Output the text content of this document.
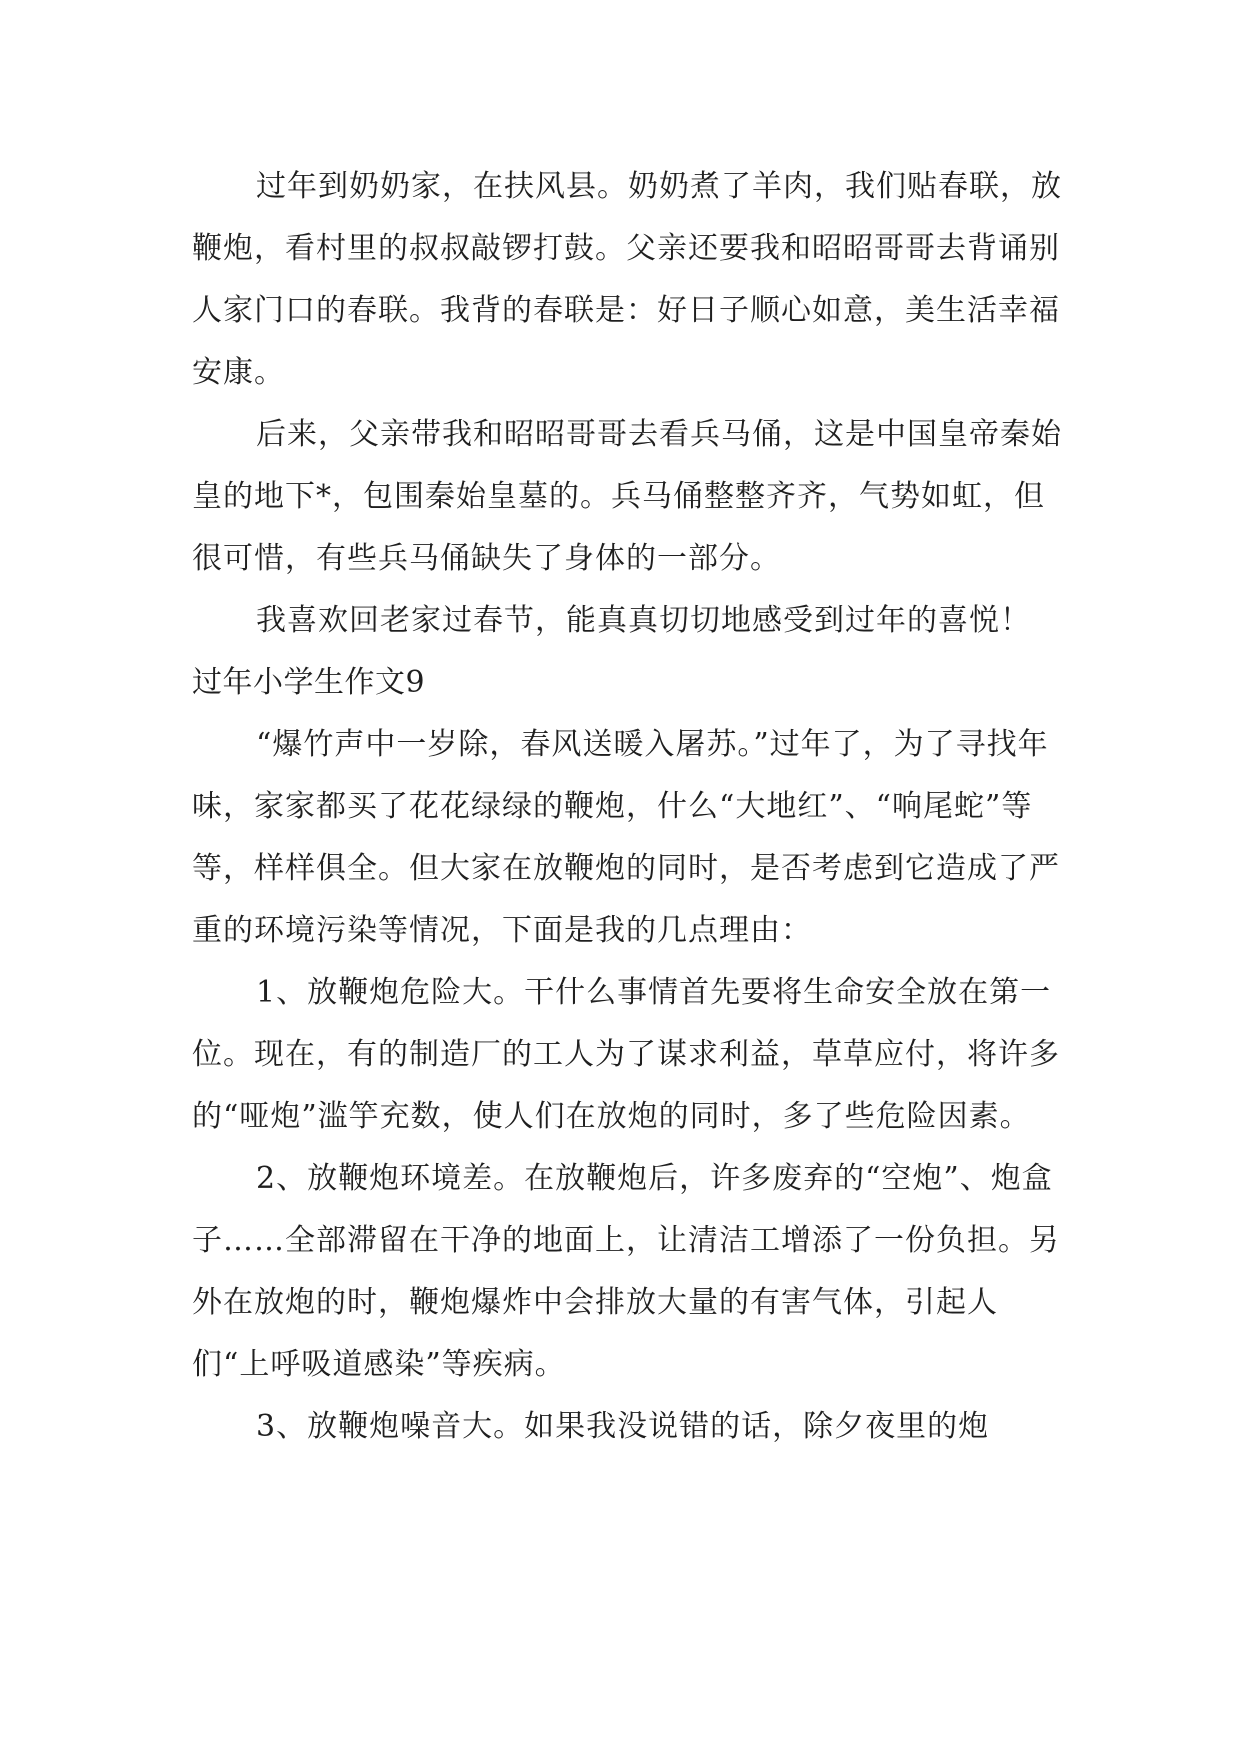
过年到奶奶家，在扶风县。奶奶煮了羊肉，我们贴春联，放鞭炮，看村里的叔叔敲锣打鼓。父亲还要我和昭昭哥哥去背诵别人家门口的春联。我背的春联是：好日子顺心如意，美生活幸福安康。

后来，父亲带我和昭昭哥哥去看兵马俑，这是中国皇帝秦始皇的地下*，包围秦始皇墓的。兵马俑整整齐齐，气势如虹，但很可惜，有些兵马俑缺失了身体的一部分。

我喜欢回老家过春节，能真真切切地感受到过年的喜悦！

过年小学生作文9

“爆竹声中一岁除，春风送暖入屠苏。”过年了，为了寻找年味，家家都买了花花绿绿的鞭炮，什么“大地红”、“响尾蛇”等等，样样俱全。但大家在放鞭炮的同时，是否考虑到它造成了严重的环境污染等情况，下面是我的几点理由：

1、放鞭炮危险大。干什么事情首先要将生命安全放在第一位。现在，有的制造厂的工人为了谋求利益，草草应付，将许多的“哑炮”滥竽充数，使人们在放炮的同时，多了些危险因素。

2、放鞭炮环境差。在放鞭炮后，许多废弃的“空炮”、炮盒子……全部滞留在干净的地面上，让清洁工增添了一份负担。另外在放炮的时，鞭炮爆炸中会排放大量的有害气体，引起人们“上呼吸道感染”等疾病。

3、放鞭炮噪音大。如果我没说错的话，除夕夜里的炮
